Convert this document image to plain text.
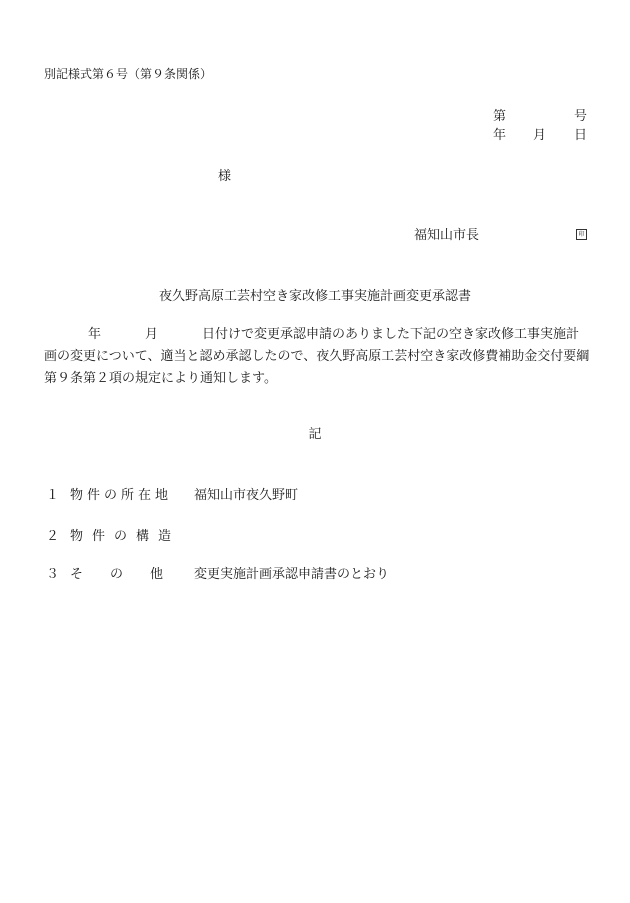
別記様式第６号（第９条関係）
第	号
年 月 日
様
福知山市長	印
夜久野高原工芸村空き家改修工事実施計画変更承認書
年	月	日付けで変更承認申請のありました下記の空き家改修工事実施計画の変更について、適当と認め承認したので、夜久野高原工芸村空き家改修費補助金交付要綱第９条第２項の規定により通知します。
記
１ 物件の所在地 福知山市夜久野町
２ 物件の構造
３ その他 変更実施計画承認申請書のとおり
